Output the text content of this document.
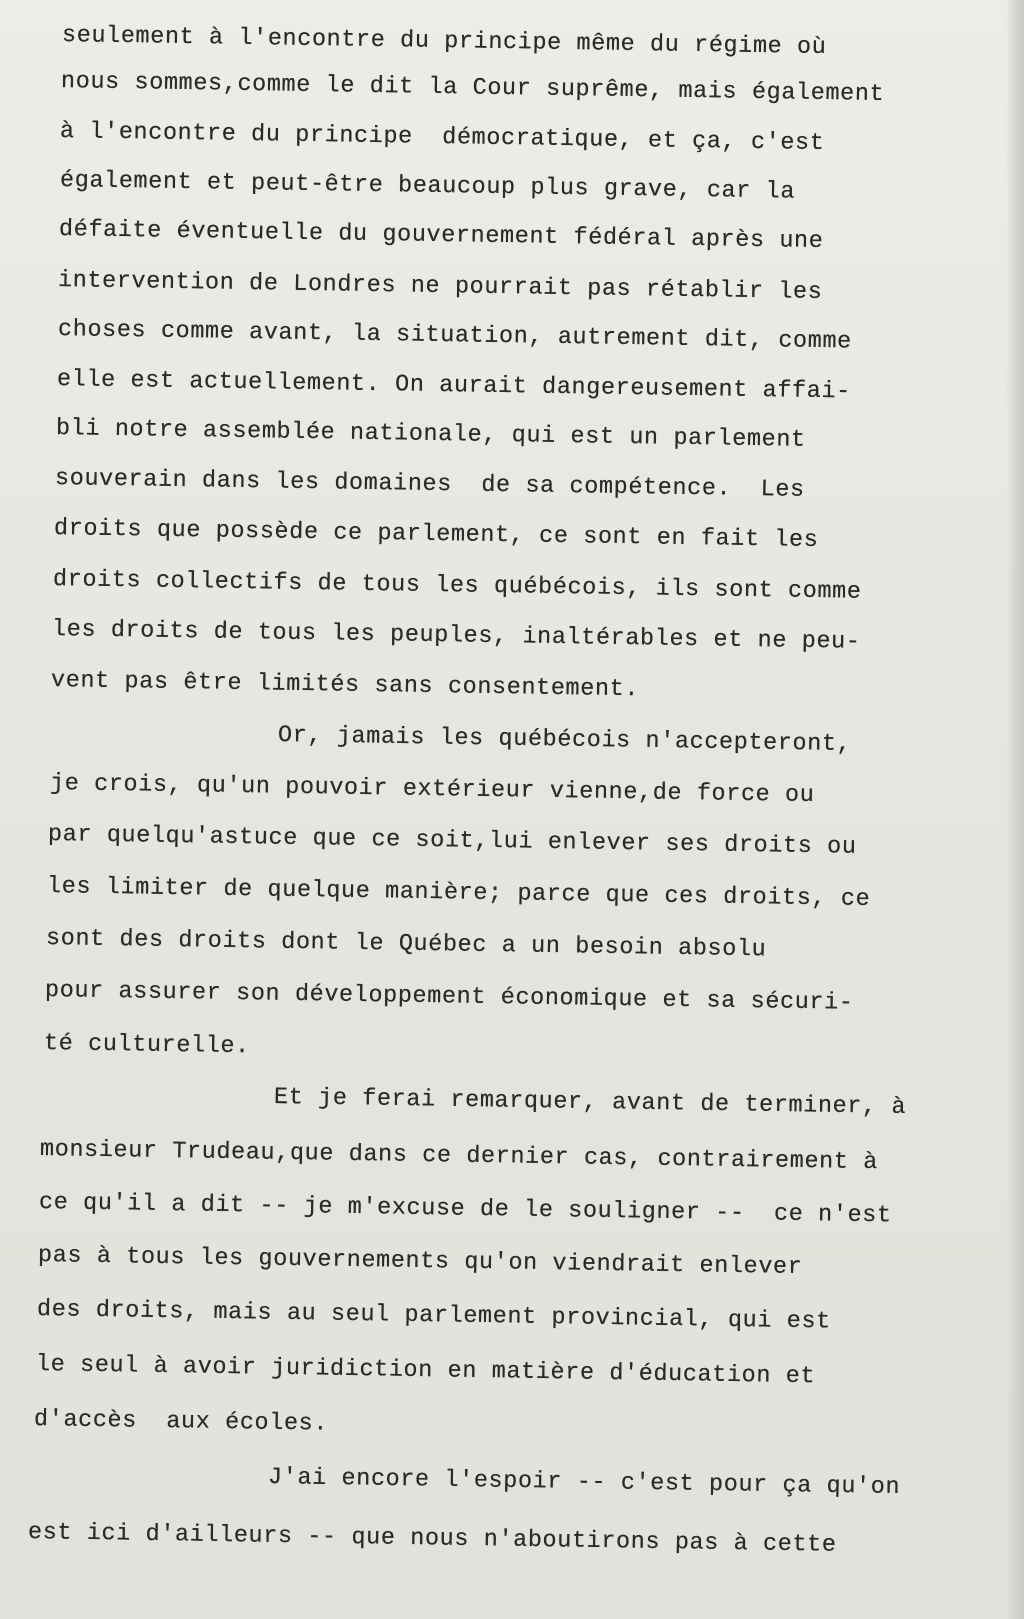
seulement à l'encontre du principe même du régime où
nous sommes,comme le dit la Cour suprême, mais également
à l'encontre du principe  démocratique, et ça, c'est
également et peut-être beaucoup plus grave, car la
défaite éventuelle du gouvernement fédéral après une
intervention de Londres ne pourrait pas rétablir les
choses comme avant, la situation, autrement dit, comme
elle est actuellement. On aurait dangereusement affai-
bli notre assemblée nationale, qui est un parlement
souverain dans les domaines  de sa compétence.  Les
droits que possède ce parlement, ce sont en fait les
droits collectifs de tous les québécois, ils sont comme
les droits de tous les peuples, inaltérables et ne peu-
vent pas être limités sans consentement.
Or, jamais les québécois n'accepteront,
je crois, qu'un pouvoir extérieur vienne,de force ou
par quelqu'astuce que ce soit,lui enlever ses droits ou
les limiter de quelque manière; parce que ces droits, ce
sont des droits dont le Québec a un besoin absolu
pour assurer son développement économique et sa sécuri-
té culturelle.
Et je ferai remarquer, avant de terminer, à
monsieur Trudeau,que dans ce dernier cas, contrairement à
ce qu'il a dit -- je m'excuse de le souligner --  ce n'est
pas à tous les gouvernements qu'on viendrait enlever
des droits, mais au seul parlement provincial, qui est
le seul à avoir juridiction en matière d'éducation et
d'accès  aux écoles.
J'ai encore l'espoir -- c'est pour ça qu'on
est ici d'ailleurs -- que nous n'aboutirons pas à cette
